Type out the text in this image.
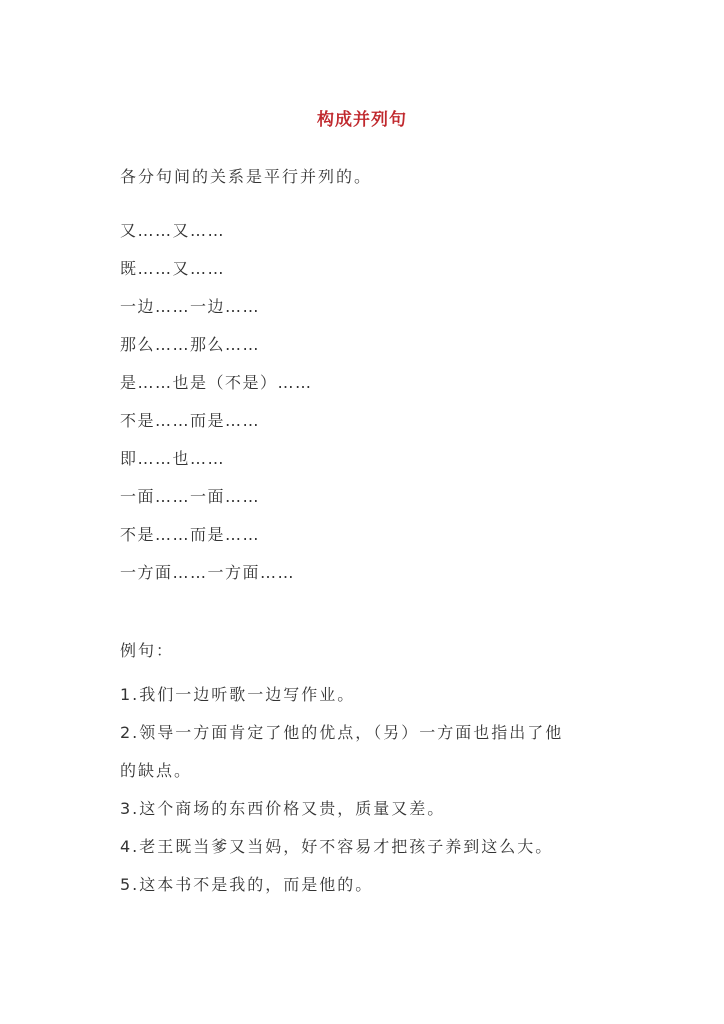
构成并列句
各分句间的关系是平行并列的。
又……又……
既……又……
一边……一边……
那么……那么……
是……也是（不是）……
不是……而是……
即……也……
一面……一面……
不是……而是……
一方面……一方面……
例句：
1.我们一边听歌一边写作业。
2.领导一方面肯定了他的优点，（另）一方面也指出了他
的缺点。
3.这个商场的东西价格又贵，质量又差。
4.老王既当爹又当妈，好不容易才把孩子养到这么大。
5.这本书不是我的，而是他的。
